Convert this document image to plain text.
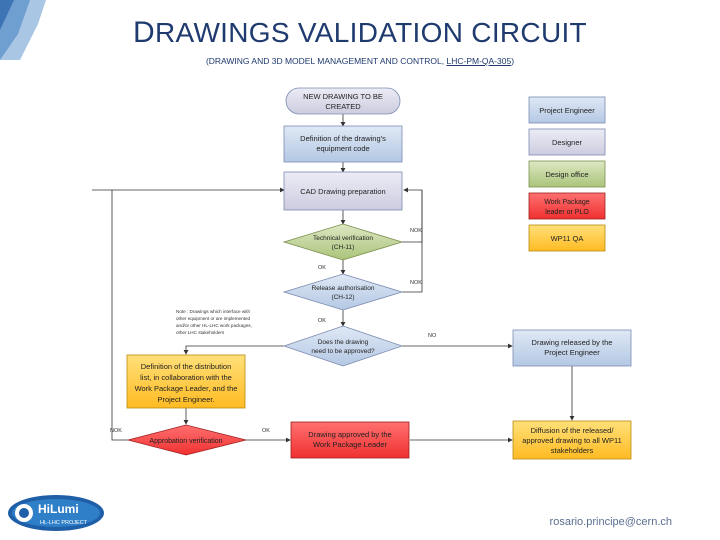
DRAWINGS VALIDATION CIRCUIT
(DRAWING AND 3D MODEL MANAGEMENT AND CONTROL, LHC-PM-QA-305)
NEW DRAWING TO BE
CREATED
Definition of the drawing's
equipment code
CAD Drawing preparation
Technical verification
(CH-11)
Release authorisation
(CH-12)
Does the drawing
need to be approved?
Drawing released by the
Project Engineer
Definition of the distribution
list, in collaboration with the
Work Package Leader, and the
Project Engineer.
Approbation verification
Drawing approved by the
Work Package Leader
Diffusion of the released/
approved drawing to all WP11
stakeholders
Note : Drawings which interface with
other equipment or are implemented
and/or other HL-LHC work packages,
other LHC stakeholders
NOK
OK
NOK
OK
NO
NOK	OK
Project Engineer
Designer
Design office
Work Package
leader or PLO
WP11 QA
HiLumi
HL-LHC PROJECT	rosario.principe@cern.ch
